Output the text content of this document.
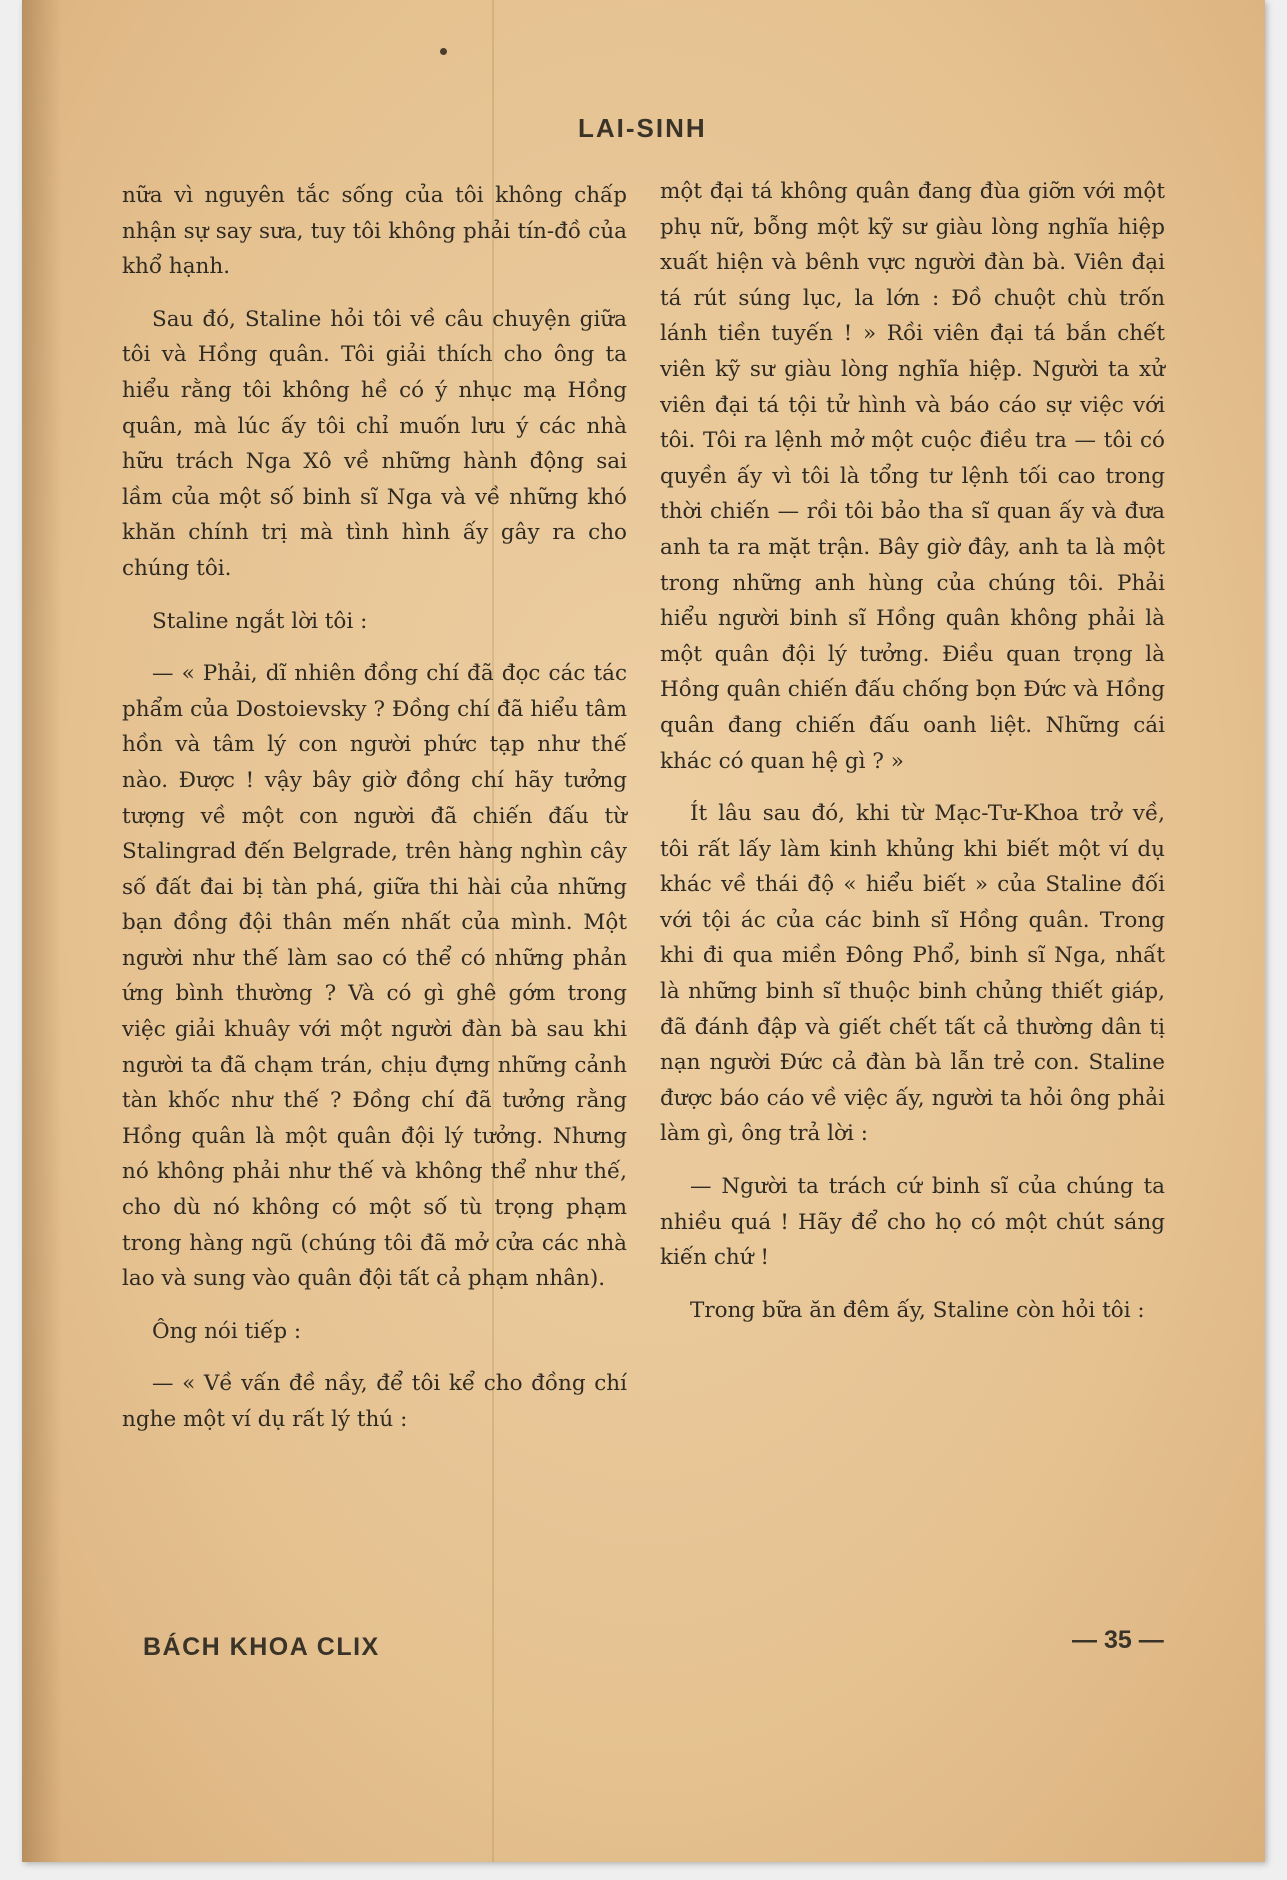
LAI-SINH

nữa vì nguyên tắc sống của tôi không chấp nhận sự say sưa, tuy tôi không phải tín-đồ của khổ hạnh.

Sau đó, Staline hỏi tôi về câu chuyện giữa tôi và Hồng quân. Tôi giải thích cho ông ta hiểu rằng tôi không hề có ý nhục mạ Hồng quân, mà lúc ấy tôi chỉ muốn lưu ý các nhà hữu trách Nga Xô về những hành động sai lầm của một số binh sĩ Nga và về những khó khăn chính trị mà tình hình ấy gây ra cho chúng tôi.

Staline ngắt lời tôi :

— « Phải, dĩ nhiên đồng chí đã đọc các tác phẩm của Dostoievsky ? Đồng chí đã hiểu tâm hồn và tâm lý con người phức tạp như thế nào. Được ! vậy bây giờ đồng chí hãy tưởng tượng về một con người đã chiến đấu từ Stalingrad đến Belgrade, trên hàng nghìn cây số đất đai bị tàn phá, giữa thi hài của những bạn đồng đội thân mến nhất của mình. Một người như thế làm sao có thể có những phản ứng bình thường ? Và có gì ghê gớm trong việc giải khuây với một người đàn bà sau khi người ta đã chạm trán, chịu đựng những cảnh tàn khốc như thế ? Đồng chí đã tưởng rằng Hồng quân là một quân đội lý tưởng. Nhưng nó không phải như thế và không thể như thế, cho dù nó không có một số tù trọng phạm trong hàng ngũ (chúng tôi đã mở cửa các nhà lao và sung vào quân đội tất cả phạm nhân).

Ông nói tiếp :

— « Về vấn đề nầy, để tôi kể cho đồng chí nghe một ví dụ rất lý thú :

một đại tá không quân đang đùa giỡn với một phụ nữ, bỗng một kỹ sư giàu lòng nghĩa hiệp xuất hiện và bênh vực người đàn bà. Viên đại tá rút súng lục, la lớn : Đồ chuột chù trốn lánh tiền tuyến ! » Rồi viên đại tá bắn chết viên kỹ sư giàu lòng nghĩa hiệp. Người ta xử viên đại tá tội tử hình và báo cáo sự việc với tôi. Tôi ra lệnh mở một cuộc điều tra — tôi có quyền ấy vì tôi là tổng tư lệnh tối cao trong thời chiến — rồi tôi bảo tha sĩ quan ấy và đưa anh ta ra mặt trận. Bây giờ đây, anh ta là một trong những anh hùng của chúng tôi. Phải hiểu người binh sĩ Hồng quân không phải là một quân đội lý tưởng. Điều quan trọng là Hồng quân chiến đấu chống bọn Đức và Hồng quân đang chiến đấu oanh liệt. Những cái khác có quan hệ gì ? »

Ít lâu sau đó, khi từ Mạc-Tư-Khoa trở về, tôi rất lấy làm kinh khủng khi biết một ví dụ khác về thái độ « hiểu biết » của Staline đối với tội ác của các binh sĩ Hồng quân. Trong khi đi qua miền Đông Phổ, binh sĩ Nga, nhất là những binh sĩ thuộc binh chủng thiết giáp, đã đánh đập và giết chết tất cả thường dân tị nạn người Đức cả đàn bà lẫn trẻ con. Staline được báo cáo về việc ấy, người ta hỏi ông phải làm gì, ông trả lời :

— Người ta trách cứ binh sĩ của chúng ta nhiều quá ! Hãy để cho họ có một chút sáng kiến chứ !

Trong bữa ăn đêm ấy, Staline còn hỏi tôi :

BÁCH KHOA CLIX	— 35 —
